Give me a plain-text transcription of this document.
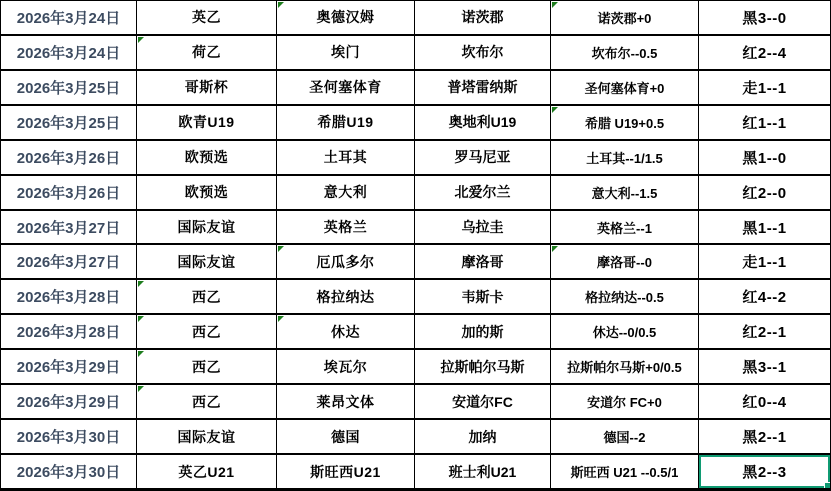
2026年3月24日	英乙	奥德汉姆	诺茨郡	诺茨郡+0	黑3--0
2026年3月24日	荷乙	埃门	坎布尔	坎布尔--0.5	红2--4
2026年3月25日	哥斯杯	圣何塞体育	普塔雷纳斯	圣何塞体育+0	走1--1
2026年3月25日	欧青U19	希腊U19	奥地利U19	希腊 U19+0.5	红1--1
2026年3月26日	欧预选	土耳其	罗马尼亚	土耳其--1/1.5	黑1--0
2026年3月26日	欧预选	意大利	北爱尔兰	意大利--1.5	红2--0
2026年3月27日	国际友谊	英格兰	乌拉圭	英格兰--1	黑1--1
2026年3月27日	国际友谊	厄瓜多尔	摩洛哥	摩洛哥--0	走1--1
2026年3月28日	西乙	格拉纳达	韦斯卡	格拉纳达--0.5	红4--2
2026年3月28日	西乙	休达	加的斯	休达--0/0.5	红2--1
2026年3月29日	西乙	埃瓦尔	拉斯帕尔马斯	拉斯帕尔马斯+0/0.5	黑3--1
2026年3月29日	西乙	莱昂文体	安道尔FC	安道尔 FC+0	红0--4
2026年3月30日	国际友谊	德国	加纳	德国--2	黑2--1
2026年3月30日	英乙U21	斯旺西U21	班士利U21	斯旺西 U21 --0.5/1	黑2--3
